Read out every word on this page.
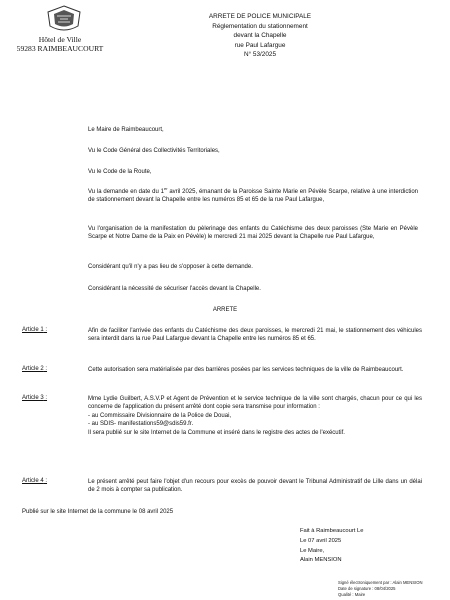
Hôtel de Ville
59283 RAIMBEAUCOURT
ARRETE DE POLICE MUNICIPALE
Réglementation du stationnement
devant la Chapelle
rue Paul Lafargue
N° 53/2025
Le Maire de Raimbeaucourt,
Vu le Code Général des Collectivités Territoriales,
Vu le Code de la Route,
Vu la demande en date du 1er avril 2025, émanant de la Paroisse Sainte Marie en Pévèle Scarpe, relative à une interdiction de stationnement devant la Chapelle entre les numéros 85 et 65 de la rue Paul Lafargue,
Vu l'organisation de la manifestation du pèlerinage des enfants du Catéchisme des deux paroisses (Ste Marie en Pévèle Scarpe et Notre Dame de la Paix en Pévèle) le mercredi 21 mai 2025 devant la Chapelle rue Paul Lafargue,
Considérant qu'il n'y a pas lieu de s'opposer à cette demande.
Considérant la nécessité de sécuriser l'accès devant la Chapelle.
ARRETE
Article 1 :	Afin de faciliter l'arrivée des enfants du Catéchisme des deux paroisses, le mercredi 21 mai, le stationnement des véhicules sera interdit dans la rue Paul Lafargue devant la Chapelle entre les numéros 85 et 65.
Article 2 :	Cette autorisation sera matérialisée par des barrières posées par les services techniques de la ville de Raimbeaucourt.
Article 3 :	Mme Lydie Guilbert, A.S.V.P et Agent de Prévention et le service technique de la ville sont chargés, chacun pour ce qui les concerne de l'application du présent arrêté dont copie sera transmise pour information :
- au Commissaire Divisionnaire de la Police de Douai,
- au SDIS- manifestations59@sdis59.fr.
Il sera publié sur le site Internet de la Commune et inséré dans le registre des actes de l'exécutif.
Article 4 :	Le présent arrêté peut faire l'objet d'un recours pour excès de pouvoir devant le Tribunal Administratif de Lille dans un délai de 2 mois à compter sa publication.
Publié sur le site Internet de la commune le 08 avril 2025
Fait à Raimbeaucourt Le
Le 07 avril 2025
Le Maire,
Alain MENSION
Signé électroniquement par : Alain MENSION
Date de signature : 08/04/2025
Qualité : Maire
